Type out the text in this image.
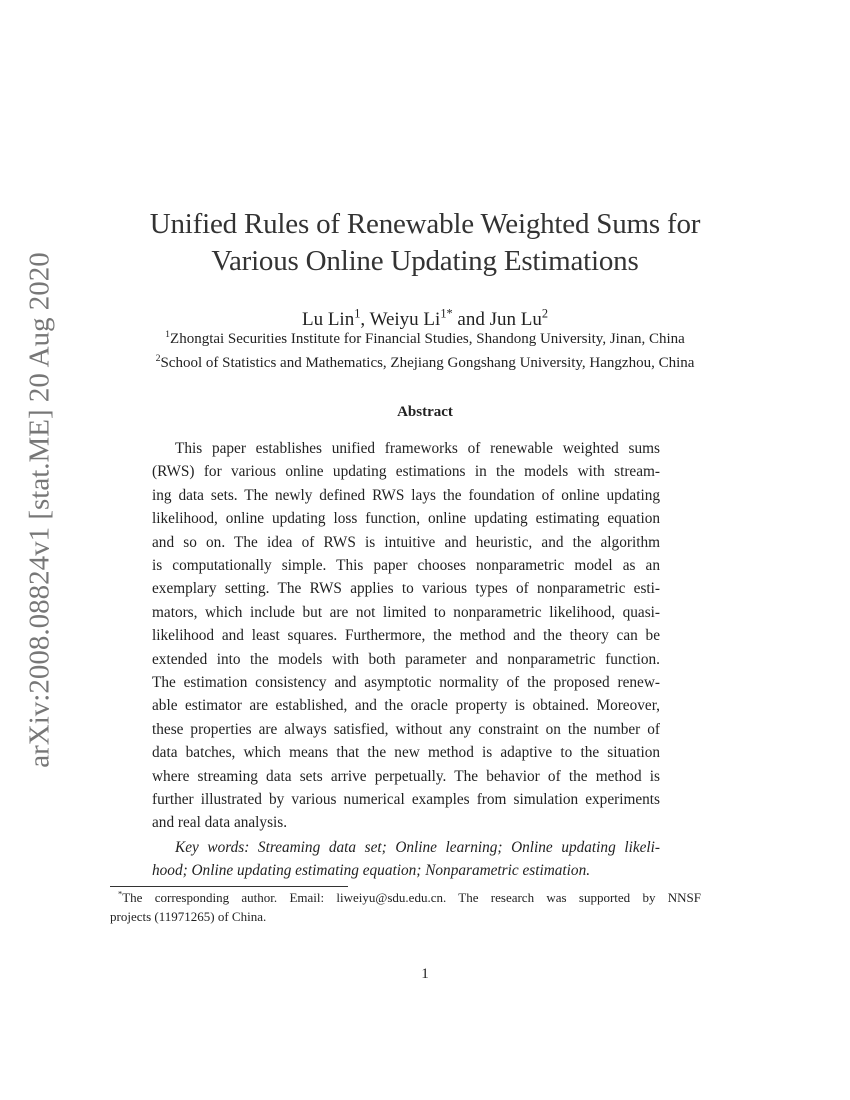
arXiv:2008.08824v1 [stat.ME] 20 Aug 2020
Unified Rules of Renewable Weighted Sums for
Various Online Updating Estimations
Lu Lin$^1$, Weiyu $Li^{1*}$ and Jun Lu$^2$
$^1$Zhongtai Securities Institute for Financial Studies, Shandong University, Jinan, China
$^2$School of Statistics and Mathematics, Zhejiang Gongshang University, Hangzhou, China
Abstract
This paper establishes unified frameworks of renewable weighted sums
(RWS) for various online updating estimations in the models with stream-
ing data sets. The newly defined RWS lays the foundation of online updating
likelihood, online updating loss function, online updating estimating equation
and so on. The idea of RWS is intuitive and heuristic, and the algorithm
is computationally simple. This paper chooses nonparametric model as an
exemplary setting. The RWS applies to various types of nonparametric esti-
mators, which include but are not limited to nonparametric likelihood, quasi-
likelihood and least squares. Furthermore, the method and the theory can be
extended into the models with both parameter and nonparametric function.
The estimation consistency and asymptotic normality of the proposed renew-
able estimator are established, and the oracle property is obtained. Moreover,
these properties are always satisfied, without any constraint on the number of
data batches, which means that the new method is adaptive to the situation
where streaming data sets arrive perpetually. The behavior of the method is
further illustrated by various numerical examples from simulation experiments
and real data analysis.
Key words: Streaming data set; Online learning; Online updating likeli-
hood; Online updating estimating equation; Nonparametric estimation.
*The corresponding author. Email: liweiyu@sdu.edu.cn. The research was supported by NNSF
projects (11971265) of China.
1
